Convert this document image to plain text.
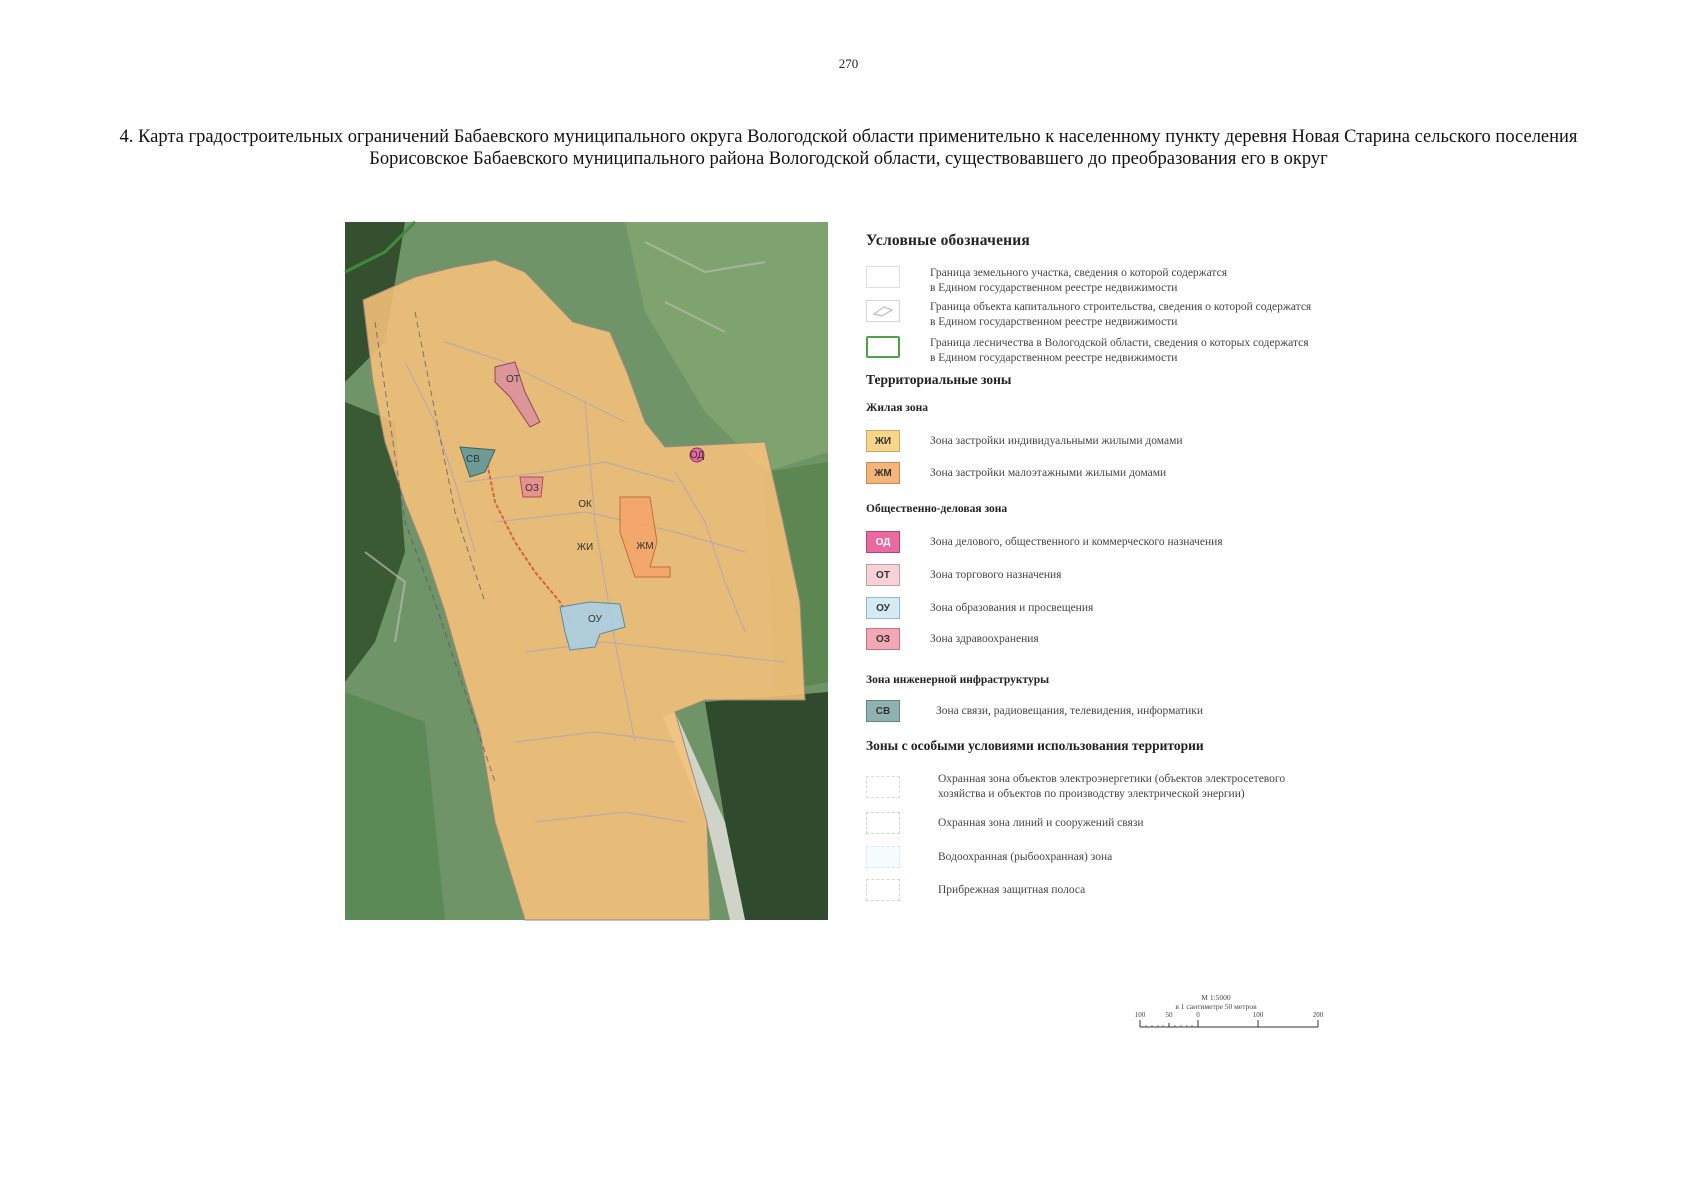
270
4. Карта градостроительных ограничений Бабаевского муниципального округа Вологодской области применительно к населенному пункту деревня Новая Старина сельского поселения Борисовское Бабаевского муниципального района Вологодской области, существовавшего до преобразования его в округ
ЖИ	ЖМ
ОТ
СВ
ОЗ
ОД
ОУ
ОК
Условные обозначения
Граница земельного участка, сведения о которой содержатся
в Едином государственном реестре недвижимости
Граница объекта капитального строительства, сведения о которой содержатся
в Едином государственном реестре недвижимости
Граница лесничества в Вологодской области, сведения о которых содержатся
в Едином государственном реестре недвижимости
Территориальные зоны
Жилая зона
ЖИ	Зона застройки индивидуальными жилыми домами
ЖМ	Зона застройки малоэтажными жилыми домами
Общественно-деловая зона
ОД	Зона делового, общественного и коммерческого назначения
ОТ	Зона торгового назначения
ОУ	Зона образования и просвещения
ОЗ	Зона здравоохранения
Зона инженерной инфраструктуры
СВ	Зона связи, радиовещания, телевидения, информатики
Зоны с особыми условиями использования территории
Охранная зона объектов электроэнергетики (объектов электросетевого
хозяйства и объектов по производству электрической энергии)
Охранная зона линий и сооружений связи
Водоохранная (рыбоохранная) зона
Прибрежная защитная полоса
М 1:5000
в 1 сантиметре 50 метров
100	50	0	100	200
